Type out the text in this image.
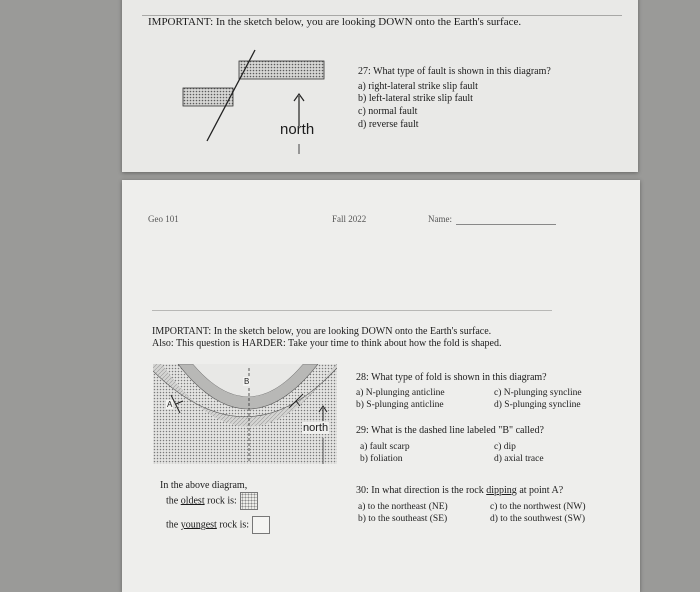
IMPORTANT: In the sketch below, you are looking DOWN onto the Earth's surface.
north
27: What type of fault is shown in this diagram?
a) right-lateral strike slip fault
b) left-lateral strike slip fault
c) normal fault
d) reverse fault
Geo 101	Fall 2022	Name:
IMPORTANT: In the sketch below, you are looking DOWN onto the Earth's surface.
Also: This question is HARDER: Take your time to think about how the fold is shaped.
B
A
north
28: What type of fold is shown in this diagram?
a) N-plunging anticline
b) S-plunging anticline
c) N-plunging syncline
d) S-plunging syncline
29: What is the dashed line labeled "B" called?
a) fault scarp
b) foliation
c) dip
d) axial trace
30: In what direction is the rock dipping at point A?
a) to the northeast (NE)
b) to the southeast (SE)
c) to the northwest (NW)
d) to the southwest (SW)
In the above diagram,
the oldest rock is:
the youngest rock is:
